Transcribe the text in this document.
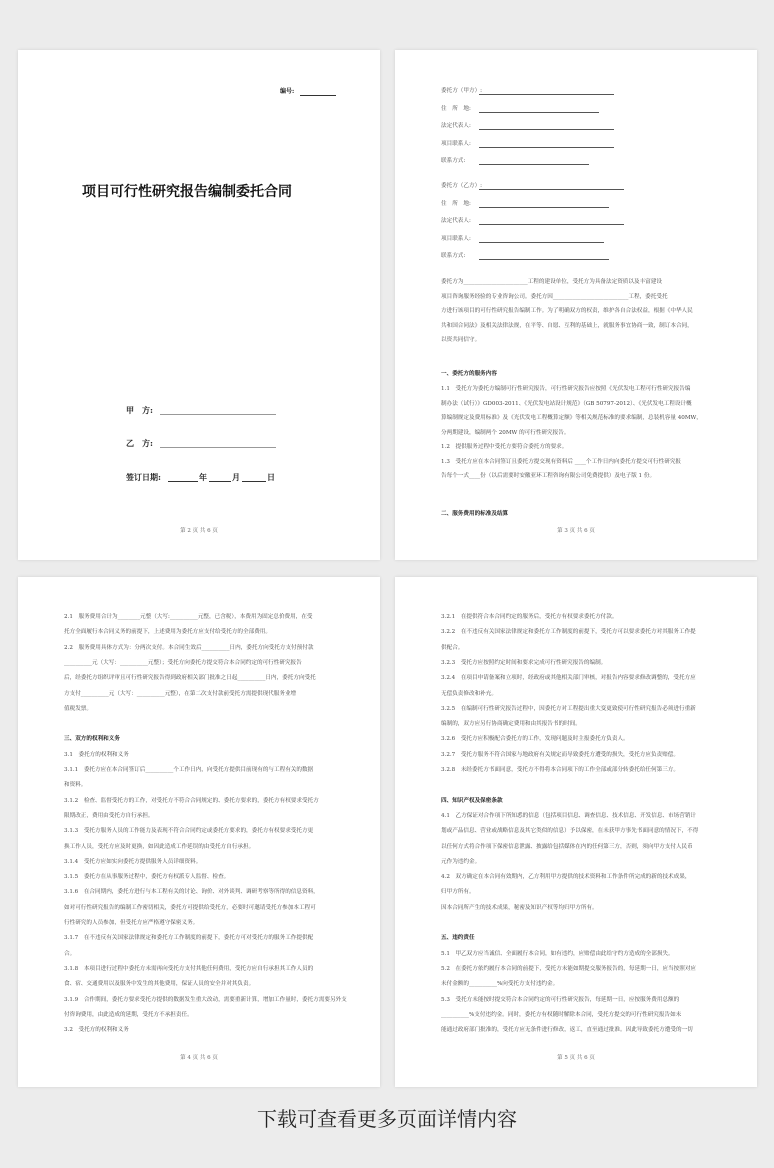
编号:
项目可行性研究报告编制委托合同
甲　方:
乙　方:
签订日期:	年	月	日
第 2 页 共 6 页
委托方（甲方）:
住　所　地:
法定代表人:
项目联系人:
联系方式:
委托方（乙方）:
住　所　地:
法定代表人:
项目联系人:
联系方式:
委托方为_______________________工程的建设单位，受托方为具备法定资质以及丰富建设
项目咨询服务经验的专业咨询公司。委托方因___________________________工程，委托受托
方进行该项目的可行性研究报告编制工作。为了明确双方的权责，维护各自合法权益，根据《中华人民
共和国合同法》及相关法律法规，在平等、自愿、互利的基础上，就服务事宜协商一致，制订本合同，
以资共同信守。
一、委托方的服务内容
1.1　受托方为委托方编制可行性研究报告，可行性研究报告应按照《光伏发电工程可行性研究报告编
制办法（试行）》GD003-2011、《光伏发电站设计规范》（GB 50797-2012）、《光伏发电工程设计概
算编制规定及费用标准》及《光伏发电工程概算定额》等相关规范标准的要求编制，总装机容量 40MW，
分两期建设，编制两个 20MW 的可行性研究报告。
1.2　提供服务过程中受托方要符合委托方的要求。
1.3　受托方应在本合同签订且委托方提交现有资料后 ____个工作日内向委托方提交可行性研究报
告每个一式____份（以后需要时安徽亚环工程咨询有限公司免费提供）及电子版 1 份。
二、服务费用的标准及结算
第 3 页 共 6 页
2.1　服务费用合计为________元整（大写:__________元整，已含税），本费用为固定总价费用，在受
托方全面履行本合同义务的前提下，上述费用为委托方应支付给受托方的全部费用。
2.2　服务费用具体方式为：分两次支付。本合同生效后__________日内，委托方向受托方支付预付款
__________元（大写：__________元整）；受托方向委托方提交符合本合同约定的可行性研究报告
后，经委托方组织评审且可行性研究报告得到政府相关部门批准之日起__________日内，委托方向受托
方支付__________元（大写：__________元整），在第二次支付款前受托方需提供现代服务业增
值税发票。
三、双方的权利和义务
3.1　委托方的权利和义务
3.1.1　委托方应在本合同签订后__________个工作日内，向受托方提供目前现有的与工程有关的数据
和资料。
3.1.2　检查、监督受托方的工作，对受托方不符合合同规定的、委托方要求的，委托方有权要求受托方
限期改正，费用由受托方自行承担。
3.1.3　受托方服务人员的工作能力及表现不符合合同约定或委托方要求的，委托方有权要求受托方更
换工作人员，受托方应及时更换，如因此造成工作延误的由受托方自行承担。
3.1.4　受托方应如实向委托方提供服务人员详细资料。
3.1.5　委托方在从事服务过程中，委托方有权派专人监督、检查。
3.1.6　在合同期内，委托方进行与本工程有关的讨论、询价、对外谈判、调研考察等所得的信息资料，
如对可行性研究报告的编制工作密切相关，委托方可提供给受托方，必要时可邀请受托方参加本工程可
行性研究的人员参加，但受托方应严格遵守保密义务。
3.1.7　在不违反有关国家法律规定和委托方工作制度的前提下，委托方可对受托方的服务工作提供配
合。
3.1.8　本项目进行过程中委托方未需再向受托方支付其他任何费用，受托方应自行承担其工作人员的
食、宿、交通费用以及服务中发生的其他费用，保证人员的安全并对其负责。
3.1.9　合作期间，委托方要求受托方提供的数据发生重大改动，需要重新计算，增加工作量时，委托方需要另外支
付咨询费用，由此造成的延期，受托方不承担责任。
3.2　受托方的权利和义务
第 4 页 共 6 页
3.2.1　在提供符合本合同约定的服务后，受托方有权要求委托方付款。
3.2.2　在不违反有关国家法律规定和委托方工作制度的前提下，受托方可以要求委托方对其服务工作提
供配合。
3.2.3　受托方应按照约定时间和要求完成可行性研究报告的编制。
3.2.4　在项目申请备案和立项时，经政府或其他相关部门审核，对报告内容要求修改调整的，受托方应
无偿负责修改和补充。
3.2.5　在编制可行性研究报告过程中，因委托方对工程提出重大变更致使可行性研究报告必须进行重新
编制的，双方应另行协商确定费用和由其报告书的时间。
3.2.6　受托方应积极配合委托方的工作，发现问题及时主报委托方负责人。
3.2.7　受托方服务不符合国家与地政府有关规定而导致委托方遭受的损失，受托方应负责赔偿。
3.2.8　未经委托方书面同意，受托方不得将本合同项下的工作全部或部分转委托给任何第三方。
四、知识产权及保密条款
4.1　乙方保证对合作项下所知悉的信息（包括项目信息、调查信息、技术信息、开发信息、市场营销计
划或产品信息、营业或战略信息及其它类似的信息）予以保密，在未获甲方事先书面同意的情况下，不得
以任何方式将合作项下保密信息泄露、披露给包括媒体在内的任何第三方，否则，须向甲方支付人民币
元作为违约金。
4.2　双方确定在本合同有效期内，乙方利用甲方提供的技术资料和工作条件所完成的新的技术成果，
归甲方所有。
因本合同所产生的技术成果，秘密及知识产权等均归甲方所有。
五、违约责任
5.1　甲乙双方应当诚信、全面履行本合同，如有违约，应赔偿由此给守约方造成的全部损失。
5.2　在委托方依约履行本合同的前提下，受托方未能如期提交服务报告的，每延期一日，应当按照对应
未付金额的__________%向受托方支付违约金。
5.3　受托方未能按时提交符合本合同约定的可行性研究报告，每延期一日，应按服务费用总额的
__________%支付违约金。同时，委托方有权随时解除本合同，受托方提交的可行性研究报告如未
能通过政府部门批准的，受托方应无条件进行修改，返工，直至通过批准。因此导致委托方遭受的一切
第 5 页 共 6 页
下载可查看更多页面详情内容
